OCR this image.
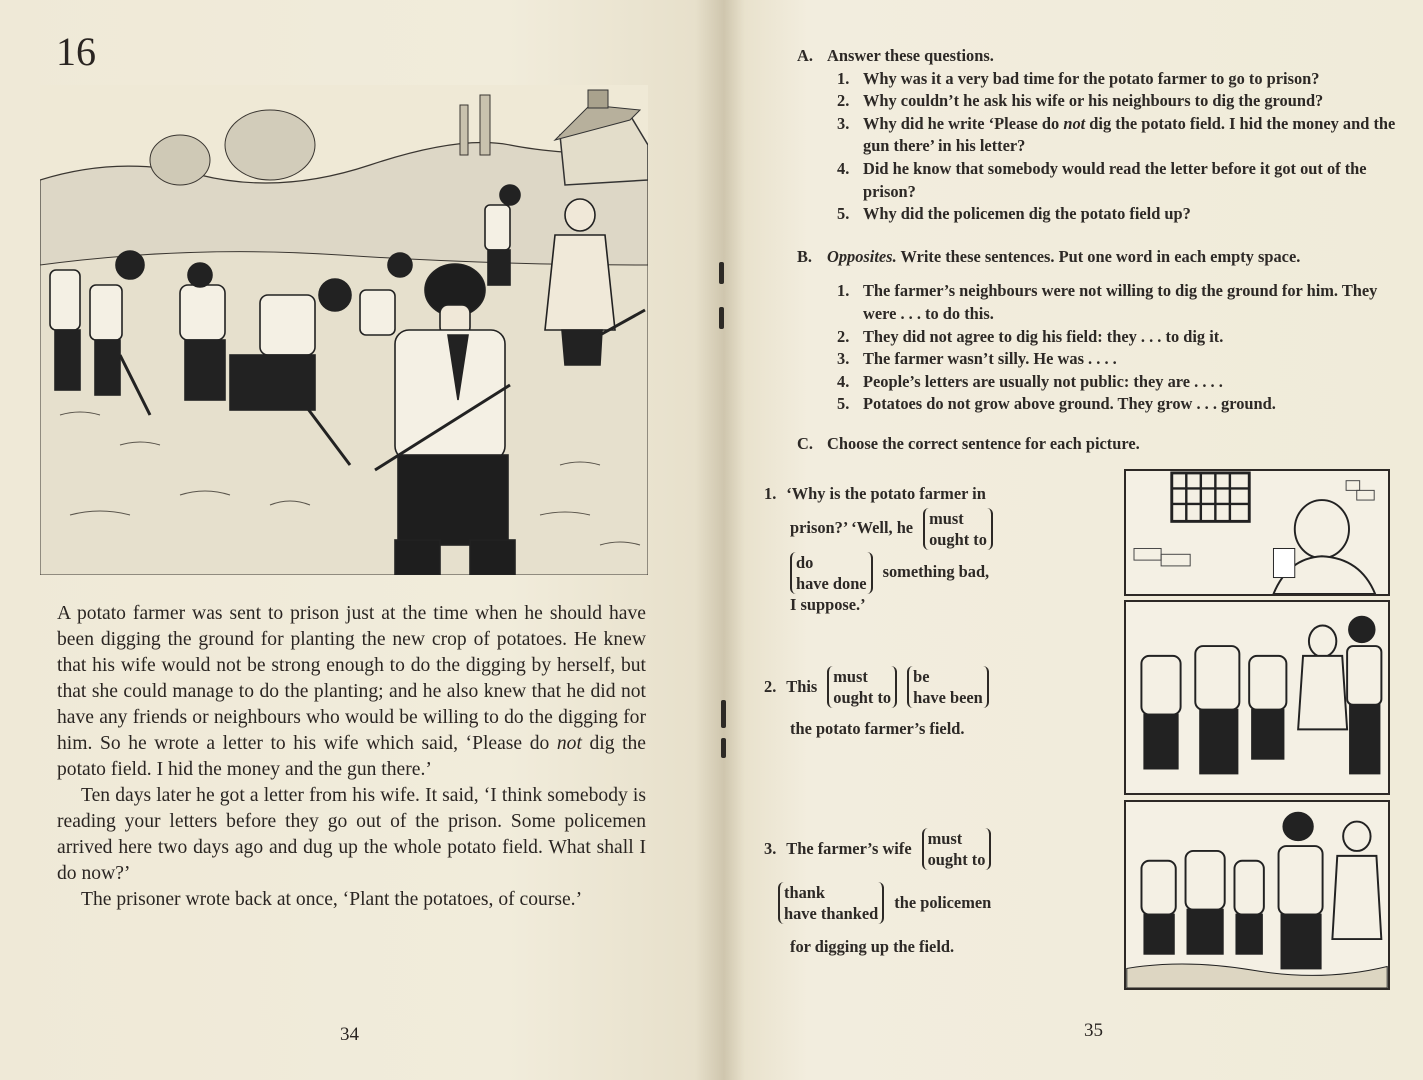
16

A potato farmer was sent to prison just at the time when he should have been digging the ground for planting the new crop of potatoes. He knew that his wife would not be strong enough to do the digging by herself, but that she could manage to do the planting; and he also knew that he did not have any friends or neighbours who would be willing to do the digging for him. So he wrote a letter to his wife which said, ‘Please do not dig the potato field. I hid the money and the gun there.’

Ten days later he got a letter from his wife. It said, ‘I think somebody is reading your letters before they go out of the prison. Some policemen arrived here two days ago and dug up the whole potato field. What shall I do now?’

The prisoner wrote back at once, ‘Plant the potatoes, of course.’

34
A. Answer these questions.
1. Why was it a very bad time for the potato farmer to go to prison?
2. Why couldn’t he ask his wife or his neighbours to dig the ground?
3. Why did he write ‘Please do not dig the potato field. I hid the money and the gun there’ in his letter?
4. Did he know that somebody would read the letter before it got out of the prison?
5. Why did the policemen dig the potato field up?
B. Opposites. Write these sentences. Put one word in each empty space.
1. The farmer’s neighbours were not willing to dig the ground for him. They were . . . to do this.
2. They did not agree to dig his field: they . . . to dig it.
3. The farmer wasn’t silly. He was . . . .
4. People’s letters are usually not public: they are . . . .
5. Potatoes do not grow above ground. They grow . . . ground.
C. Choose the correct sentence for each picture.
1. ‘Why is the potato farmer in
prison?’ ‘Well, he
must
ought to
do
have done
something bad,
I suppose.’
2. This
must
ought to
be
have been
the potato farmer’s field.
3. The farmer’s wife
must
ought to
thank
have thanked
the policemen
for digging up the field.
35
